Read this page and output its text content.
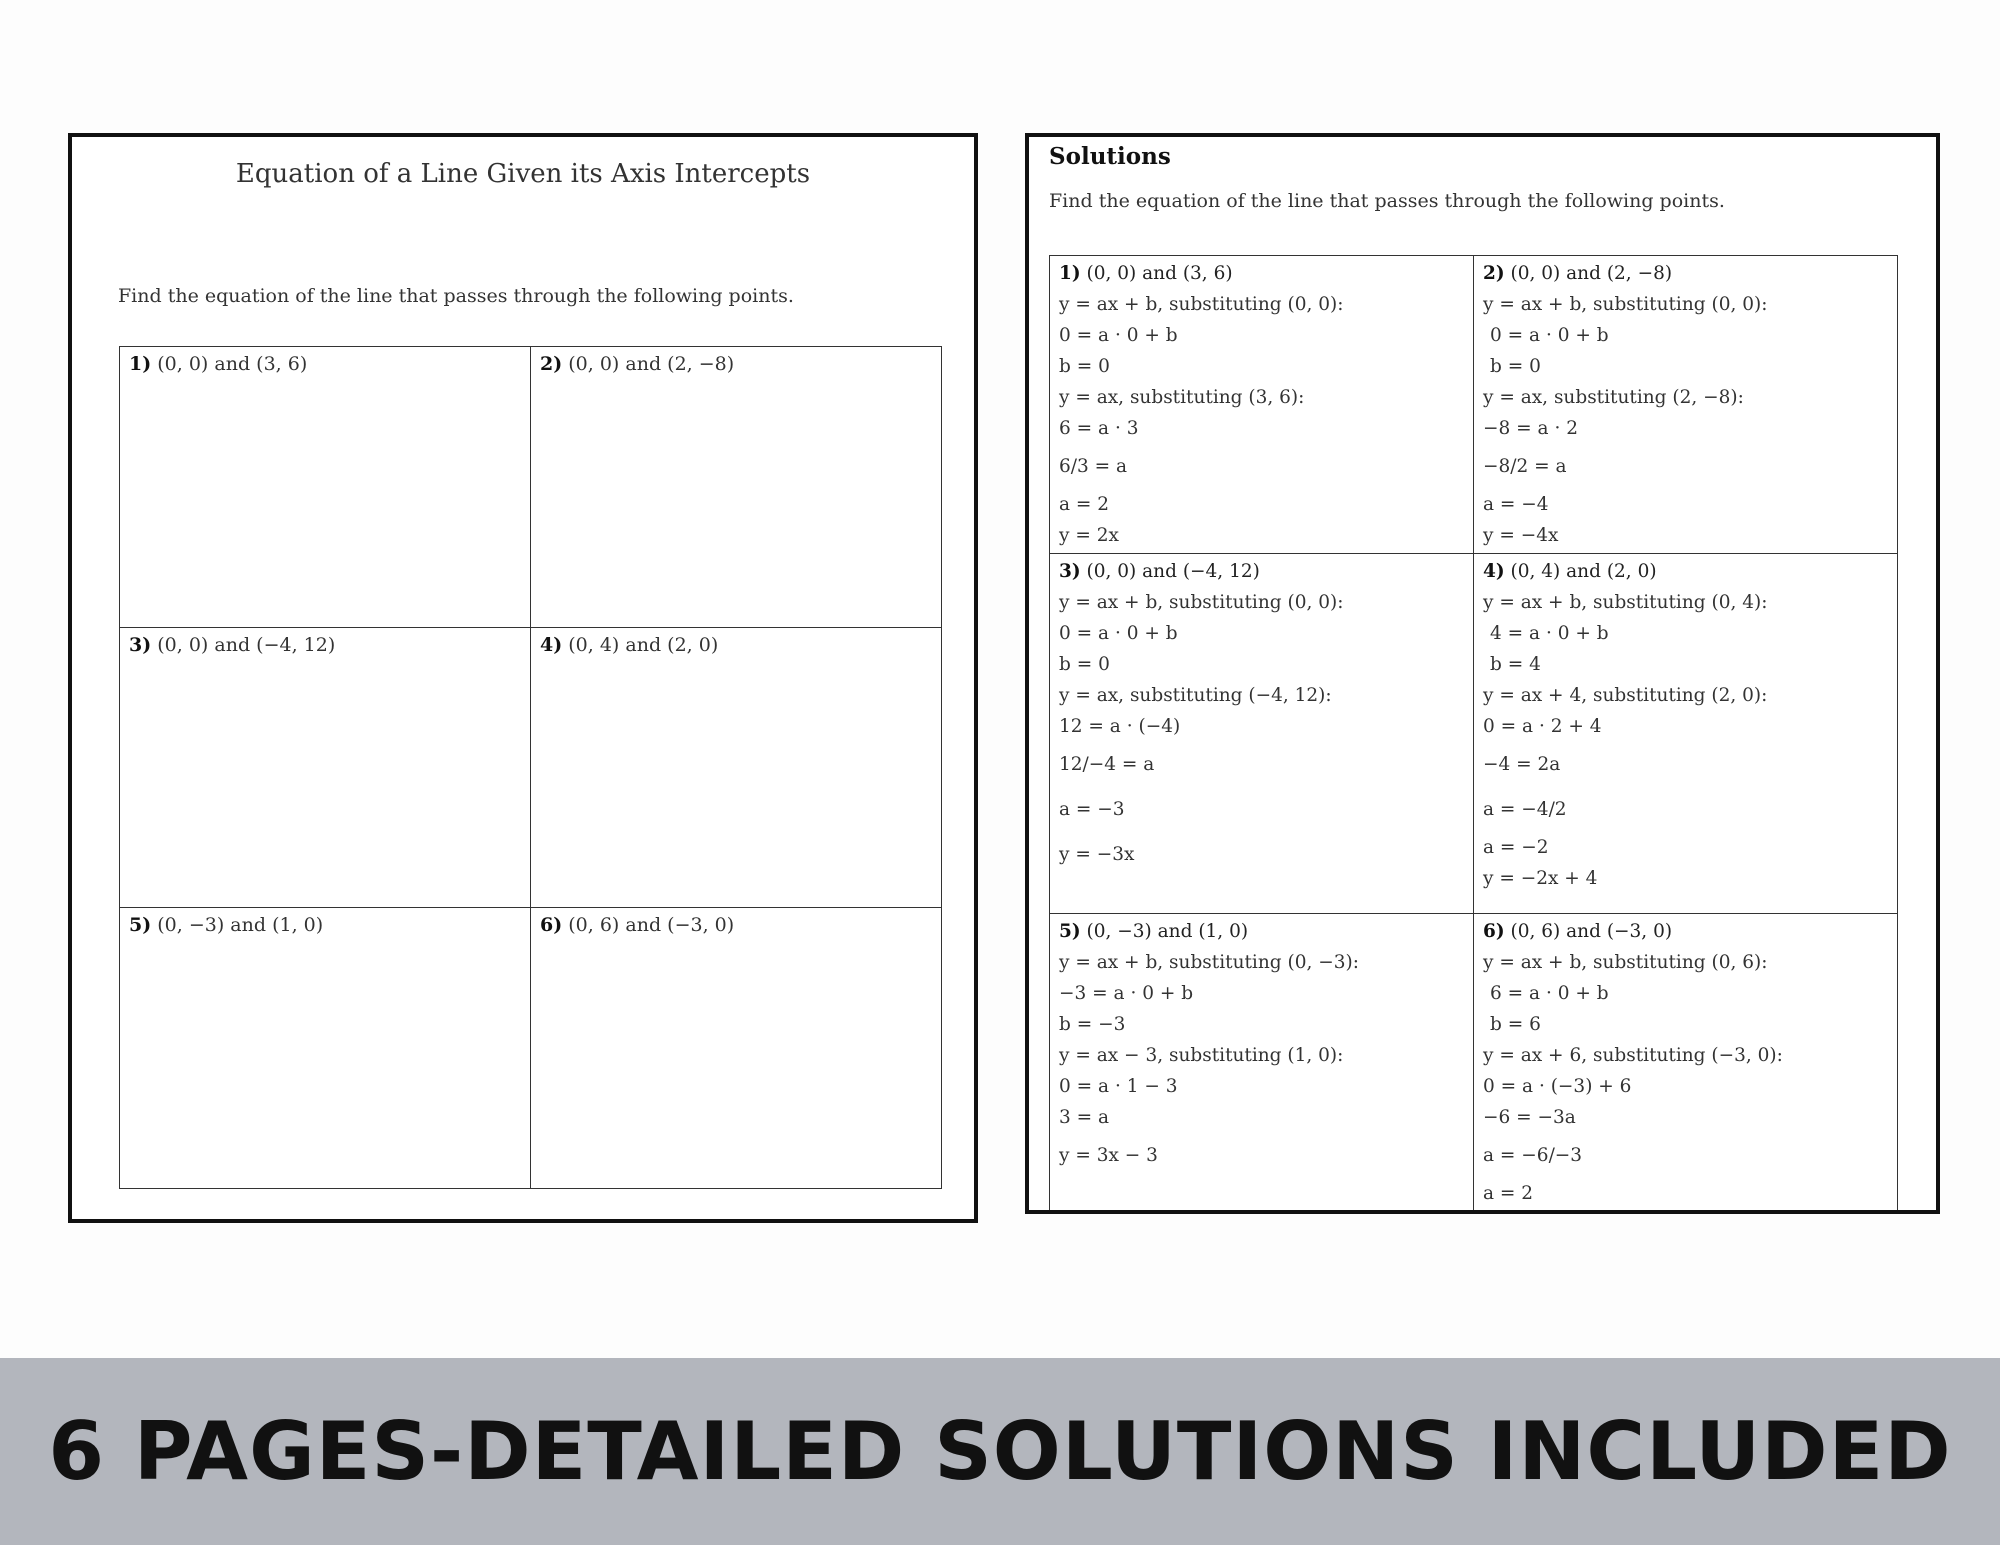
Equation of a Line Given its Axis Intercepts
Find the equation of the line that passes through the following points.
1) (0, 0) and (3, 6)	2) (0, 0) and (2, −8)
3) (0, 0) and (−4, 12)	4) (0, 4) and (2, 0)
5) (0, −3) and (1, 0)	6) (0, 6) and (−3, 0)
Solutions
Find the equation of the line that passes through the following points.
1) (0, 0) and (3, 6)
y = ax + b, substituting (0, 0):
0 = a · 0 + b
b = 0
y = ax, substituting (3, 6):
6 = a · 3
6/3 = a
a = 2
y = 2x
2) (0, 0) and (2, −8)
y = ax + b, substituting (0, 0):
0 = a · 0 + b
b = 0
y = ax, substituting (2, −8):
−8 = a · 2
−8/2 = a
a = −4
y = −4x
3) (0, 0) and (−4, 12)
y = ax + b, substituting (0, 0):
0 = a · 0 + b
b = 0
y = ax, substituting (−4, 12):
12 = a · (−4)
12/−4 = a
a = −3
y = −3x
4) (0, 4) and (2, 0)
y = ax + b, substituting (0, 4):
4 = a · 0 + b
b = 4
y = ax + 4, substituting (2, 0):
0 = a · 2 + 4
−4 = 2a
a = −4/2
a = −2
y = −2x + 4
5) (0, −3) and (1, 0)
y = ax + b, substituting (0, −3):
−3 = a · 0 + b
b = −3
y = ax − 3, substituting (1, 0):
0 = a · 1 − 3
3 = a
y = 3x − 3
6) (0, 6) and (−3, 0)
y = ax + b, substituting (0, 6):
6 = a · 0 + b
b = 6
y = ax + 6, substituting (−3, 0):
0 = a · (−3) + 6
−6 = −3a
a = −6/−3
a = 2
6 PAGES-DETAILED SOLUTIONS INCLUDED
